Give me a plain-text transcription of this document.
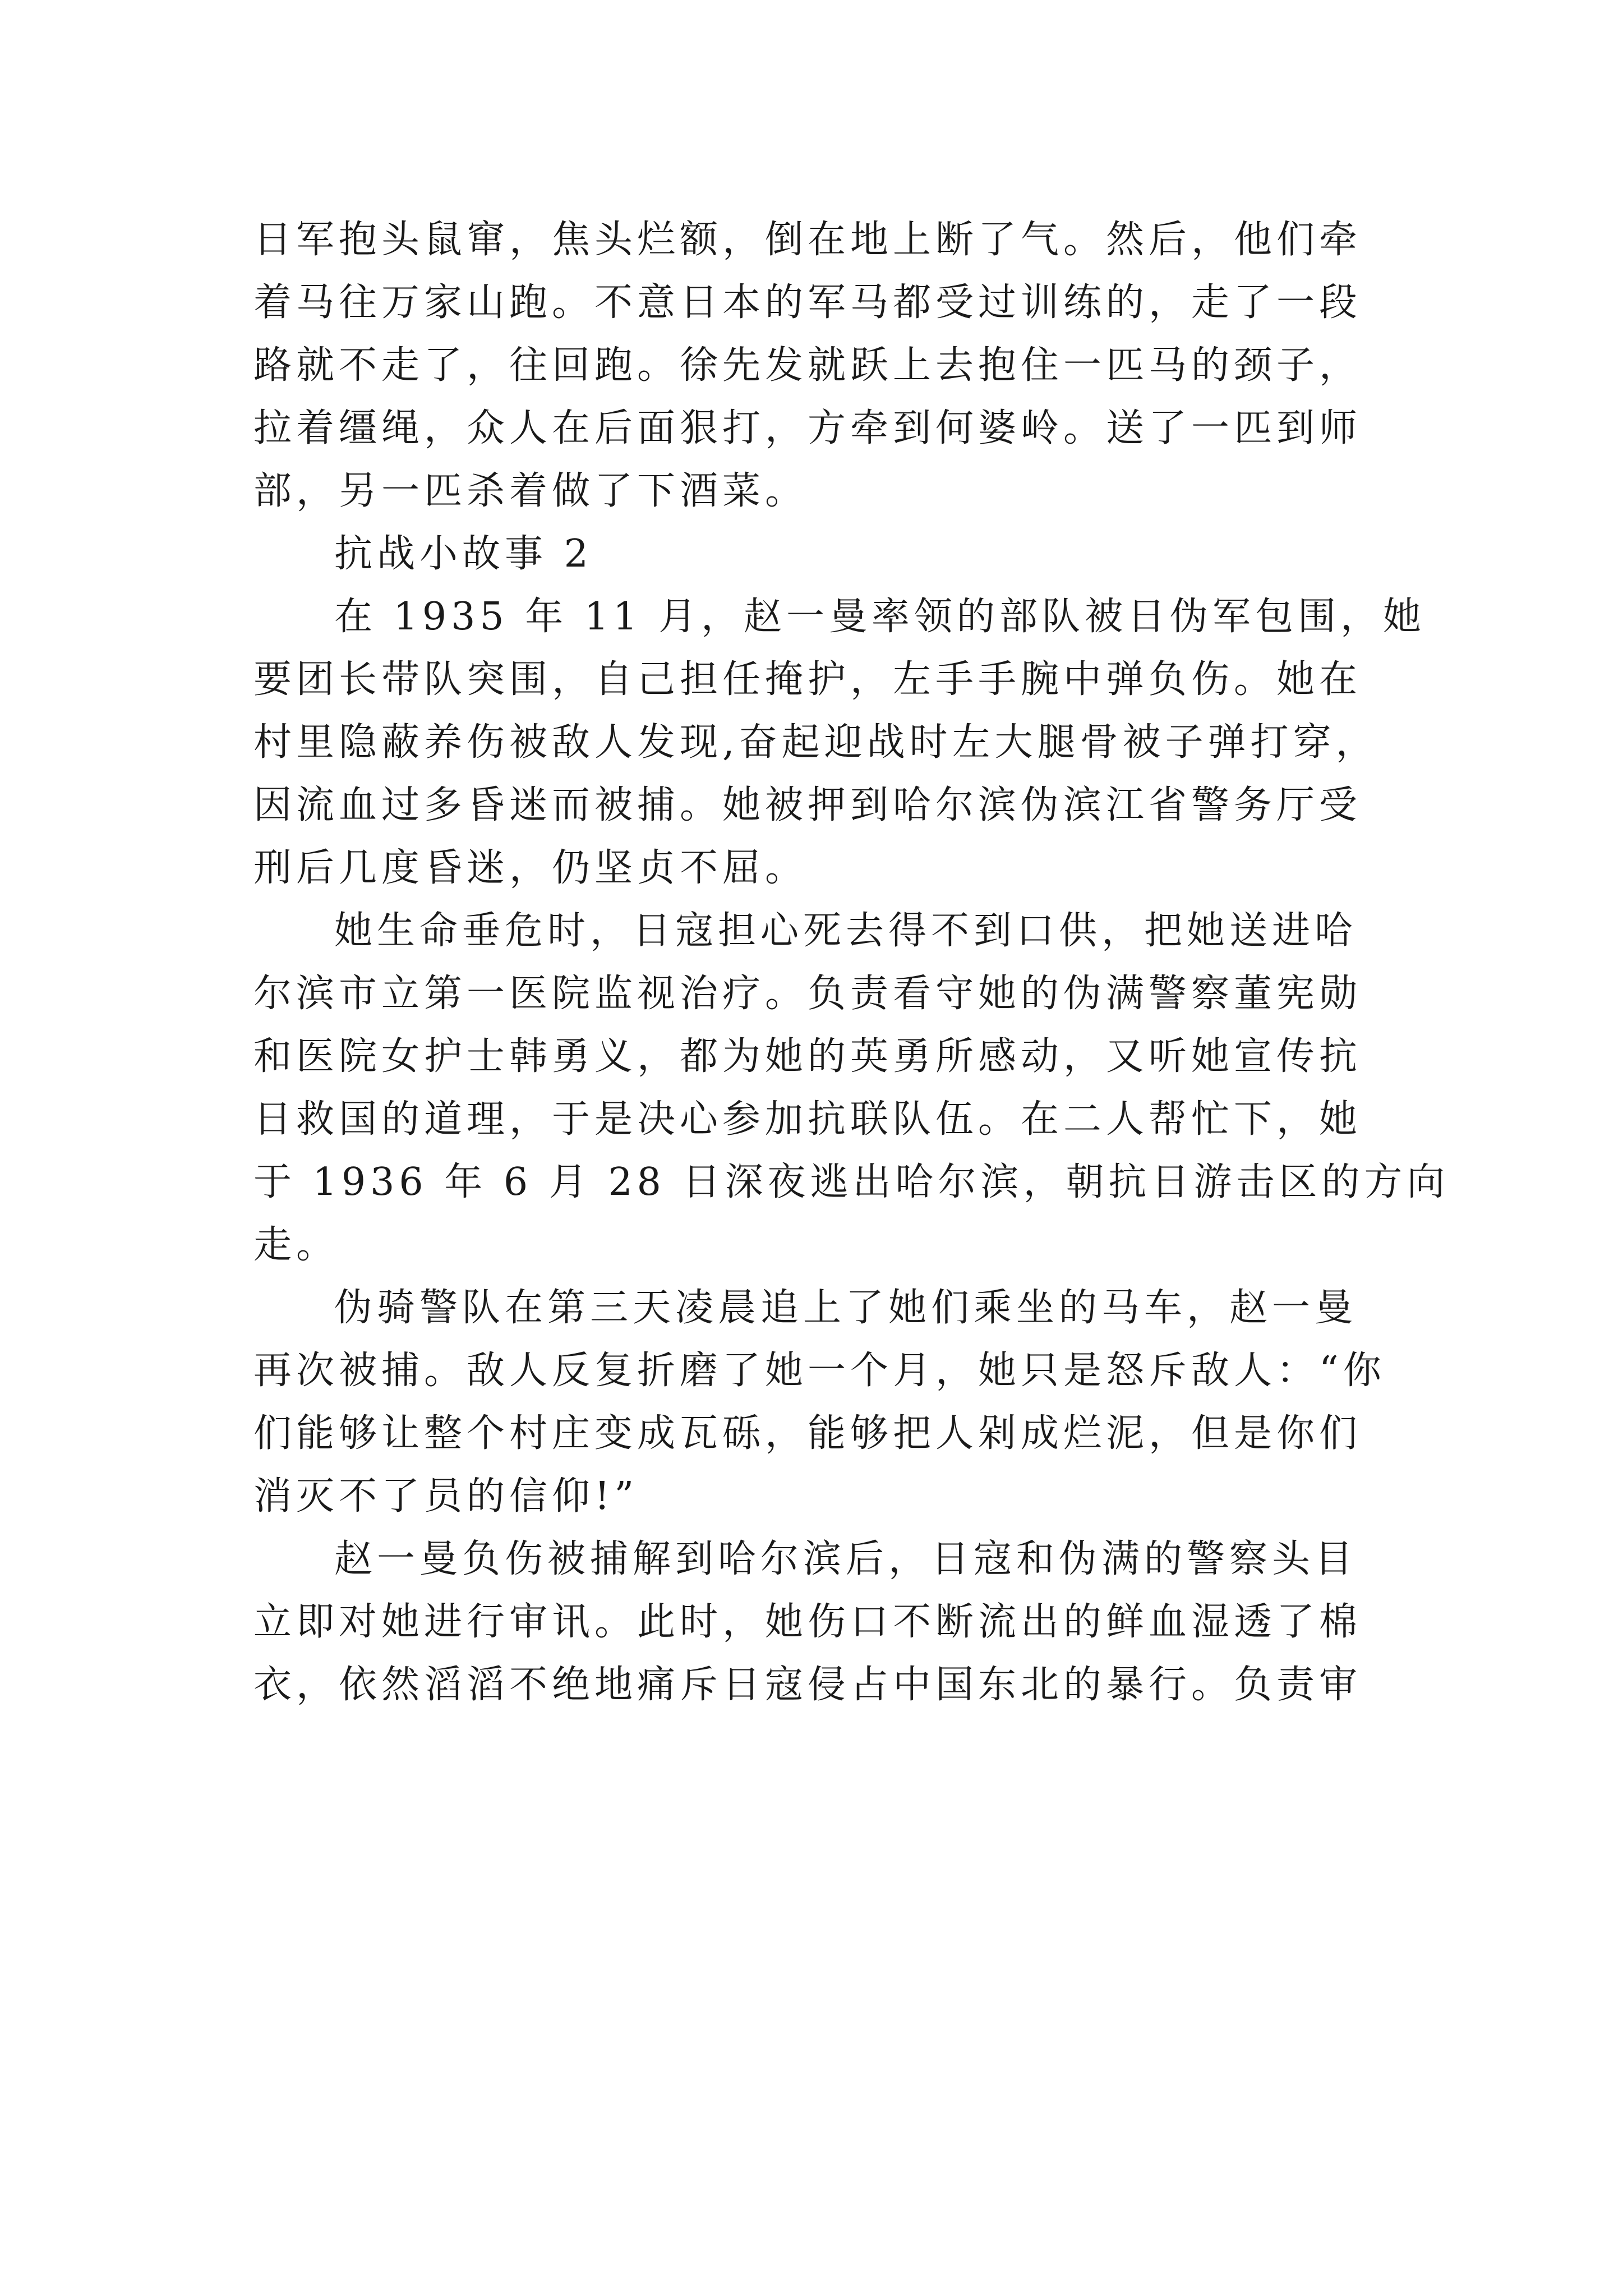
日军抱头鼠窜，焦头烂额，倒在地上断了气。然后，他们牵
着马往万家山跑。不意日本的军马都受过训练的，走了一段
路就不走了，往回跑。徐先发就跃上去抱住一匹马的颈子，
拉着缰绳，众人在后面狠打，方牵到何婆岭。送了一匹到师
部，另一匹杀着做了下酒菜。
抗战小故事 2
在 1935 年 11 月，赵一曼率领的部队被日伪军包围，她
要团长带队突围，自己担任掩护，左手手腕中弹负伤。她在
村里隐蔽养伤被敌人发现,奋起迎战时左大腿骨被子弹打穿，
因流血过多昏迷而被捕。她被押到哈尔滨伪滨江省警务厅受
刑后几度昏迷，仍坚贞不屈。
她生命垂危时，日寇担心死去得不到口供，把她送进哈
尔滨市立第一医院监视治疗。负责看守她的伪满警察董宪勋
和医院女护士韩勇义，都为她的英勇所感动，又听她宣传抗
日救国的道理，于是决心参加抗联队伍。在二人帮忙下，她
于 1936 年 6 月 28 日深夜逃出哈尔滨，朝抗日游击区的方向
走。
伪骑警队在第三天凌晨追上了她们乘坐的马车，赵一曼
再次被捕。敌人反复折磨了她一个月，她只是怒斥敌人：“你
们能够让整个村庄变成瓦砾，能够把人剁成烂泥，但是你们
消灭不了员的信仰!”
赵一曼负伤被捕解到哈尔滨后，日寇和伪满的警察头目
立即对她进行审讯。此时，她伤口不断流出的鲜血湿透了棉
衣，依然滔滔不绝地痛斥日寇侵占中国东北的暴行。负责审
